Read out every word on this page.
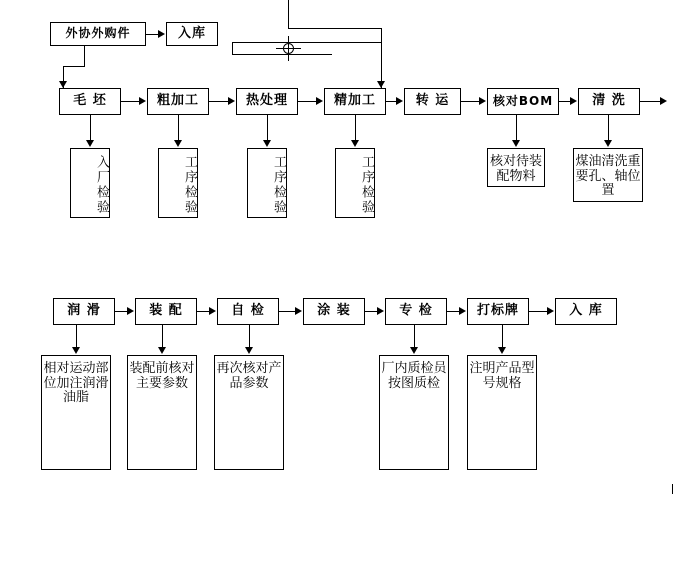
外协外购件	入库
毛 坯	粗加工	热处理	精加工	转 运	核对BOM	清 洗
入厂检验	工序检验	工序检验	工序检验	核对待装配物料
煤油清洗重要孔、轴位置
润 滑	装 配	自 检	涂 装	专 检	打标牌	入 库
相对运动部位加注润滑油脂
装配前核对主要参数
再次核对产品参数
厂内质检员按图质检
注明产品型号规格
